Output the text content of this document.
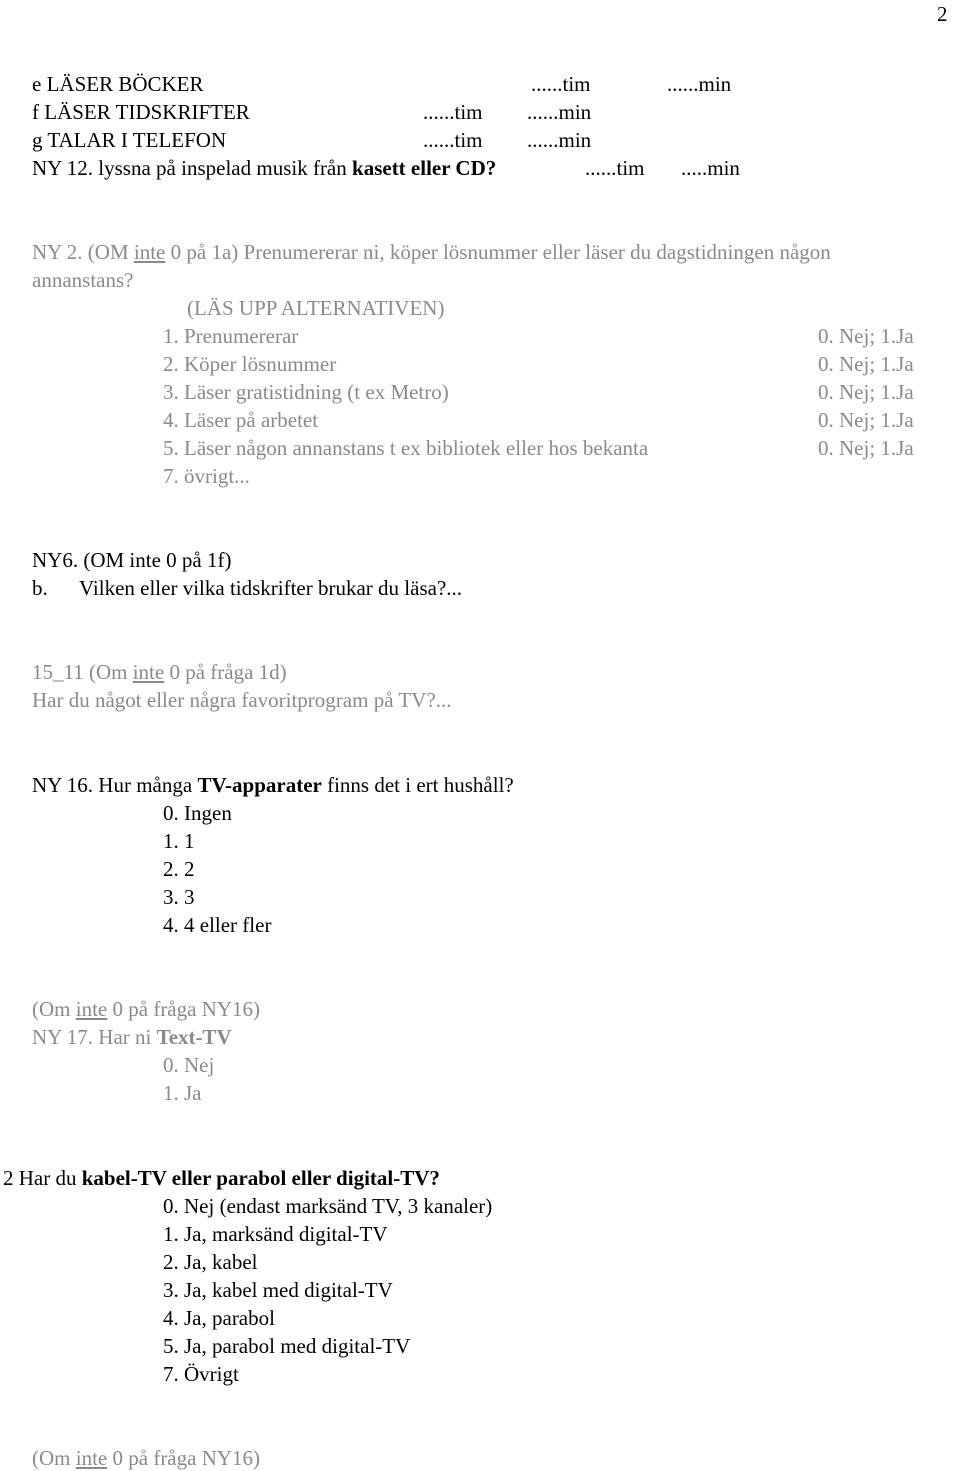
2
e LÄSER BÖCKER	......tim	......min
f LÄSER TIDSKRIFTER	......tim ......min
g TALAR I TELEFON	......tim ......min
NY 12. lyssna på inspelad musik från kasett eller CD?	......tim .....min
NY 2. (OM inte 0 på 1a) Prenumererar ni, köper lösnummer eller läser du dagstidningen någon
annanstans?
(LÄS UPP ALTERNATIVEN)
1. Prenumererar	0. Nej; 1.Ja
2. Köper lösnummer	0. Nej; 1.Ja
3. Läser gratistidning (t ex Metro)	0. Nej; 1.Ja
4. Läser på arbetet	0. Nej; 1.Ja
5. Läser någon annanstans t ex bibliotek eller hos bekanta	0. Nej; 1.Ja
7. övrigt...
NY6. (OM inte 0 på 1f)
b. Vilken eller vilka tidskrifter brukar du läsa?...
15_11 (Om inte 0 på fråga 1d)
Har du något eller några favoritprogram på TV?...
NY 16. Hur många TV-apparater finns det i ert hushåll?
0. Ingen
1. 1
2. 2
3. 3
4. 4 eller fler
(Om inte 0 på fråga NY16)
NY 17. Har ni Text-TV
0. Nej
1. Ja
2 Har du kabel-TV eller parabol eller digital-TV?
0. Nej (endast marksänd TV, 3 kanaler)
1. Ja, marksänd digital-TV
2. Ja, kabel
3. Ja, kabel med digital-TV
4. Ja, parabol
5. Ja, parabol med digital-TV
7. Övrigt
(Om inte 0 på fråga NY16)
